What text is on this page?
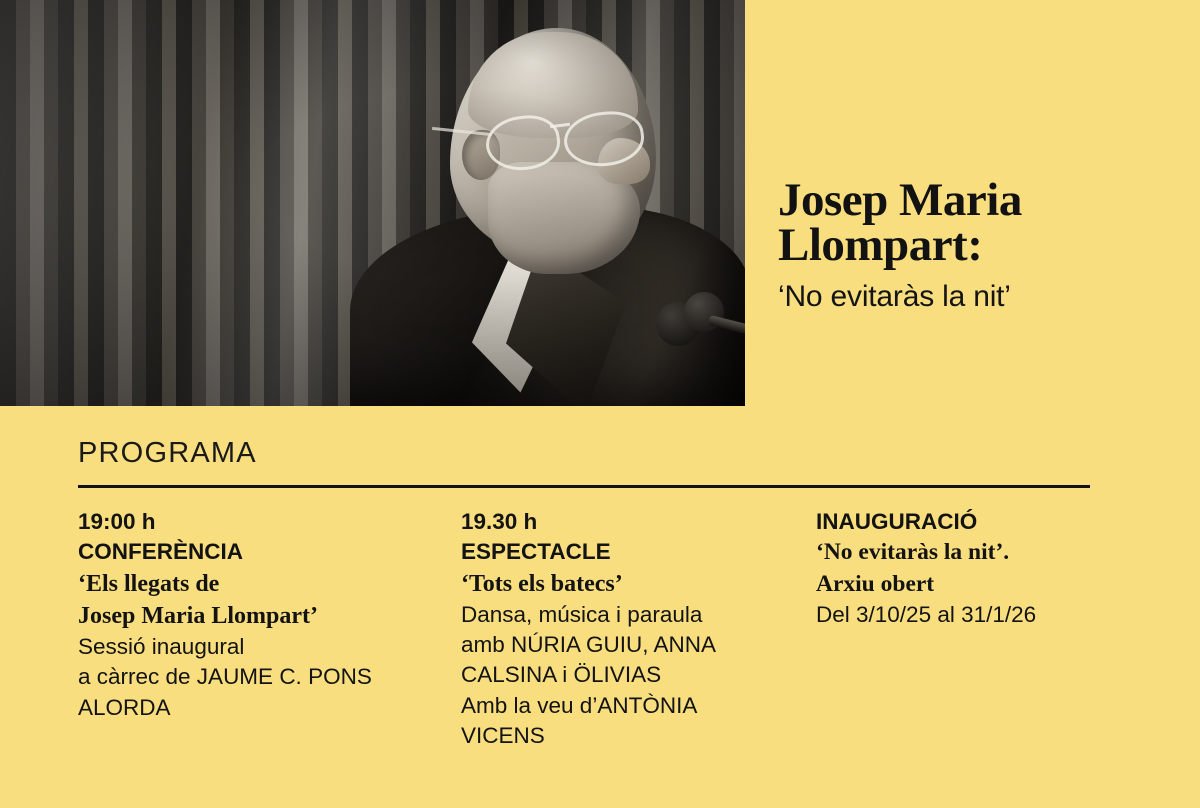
Josep Maria
Llompart:
‘No evitaràs la nit’
PROGRAMA
19:00 h
CONFERÈNCIA
‘Els llegats de
Josep Maria Llompart’
Sessió inaugural
a càrrec de JAUME C. PONS
ALORDA
19.30 h
ESPECTACLE
‘Tots els batecs’
Dansa, música i paraula
amb NÚRIA GUIU, ANNA
CALSINA i ÖLIVIAS
Amb la veu d’ANTÒNIA
VICENS
INAUGURACIÓ
‘No evitaràs la nit’.
Arxiu obert
Del 3/10/25 al 31/1/26
